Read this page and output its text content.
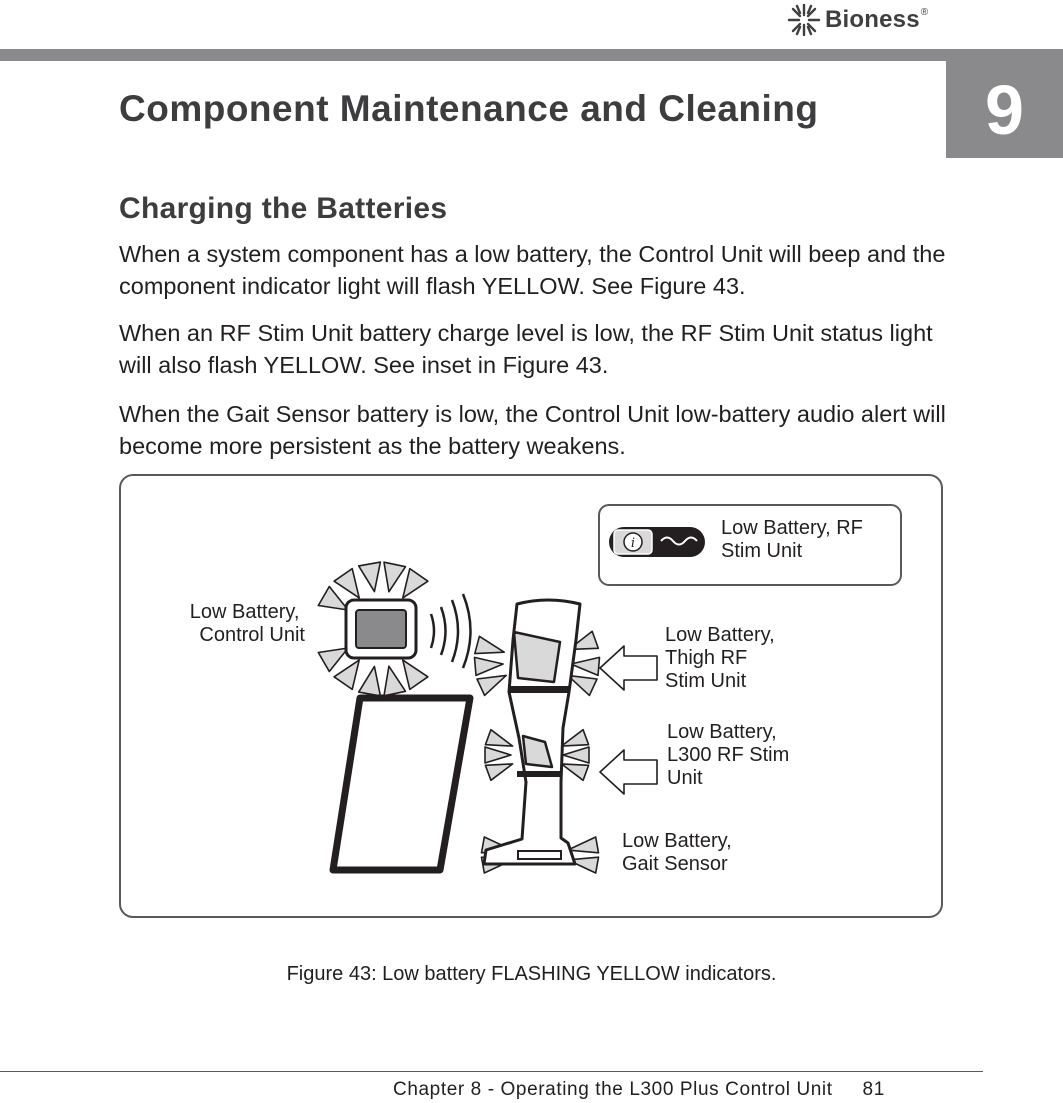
Bioness ®
9
Component Maintenance and Cleaning
Charging the Batteries

When a system component has a low battery, the Control Unit will beep and the component indicator light will flash YELLOW. See Figure 43.

When an RF Stim Unit battery charge level is low, the RF Stim Unit status light will also flash YELLOW. See inset in Figure 43.

When the Gait Sensor battery is low, the Control Unit low-battery audio alert will become more persistent as the battery weakens.

i
Low Battery, RF Stim Unit
Low Battery, Control Unit	Low Battery, Thigh RF Stim Unit
Low Battery, L300 RF Stim Unit
Low Battery, Gait Sensor
Figure 43: Low battery FLASHING YELLOW indicators.
Chapter 8 - Operating the L300 Plus Control Unit 81
